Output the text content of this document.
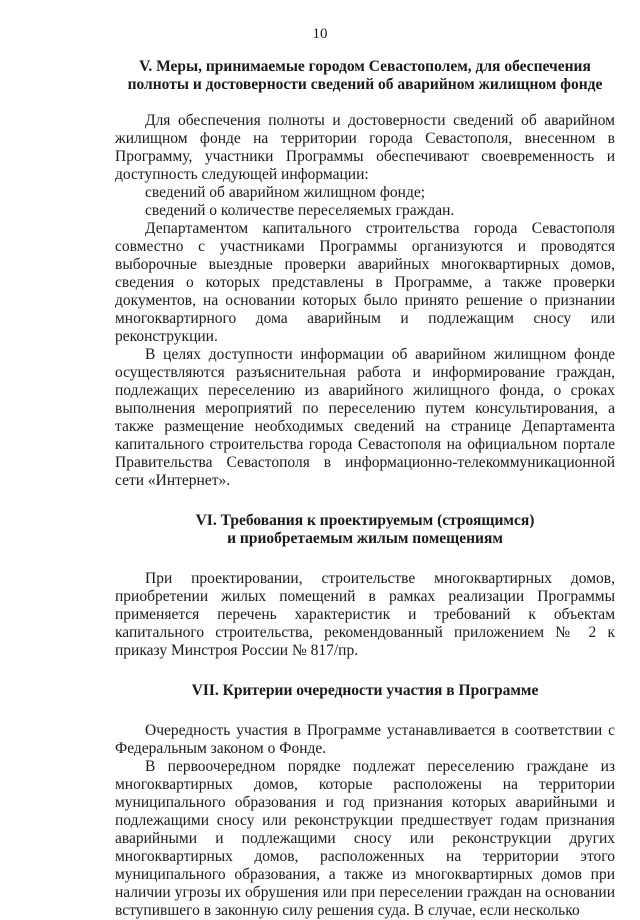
10
V. Меры, принимаемые городом Севастополем, для обеспечения
полноты и достоверности сведений об аварийном жилищном фонде

Для обеспечения полноты и достоверности сведений об аварийном жилищном фонде на территории города Севастополя, внесенном в Программу, участники Программы обеспечивают своевременность и доступность следующей информации:

сведений об аварийном жилищном фонде;

сведений о количестве переселяемых граждан.

Департаментом капитального строительства города Севастополя совместно с участниками Программы организуются и проводятся выборочные выездные проверки аварийных многоквартирных домов, сведения о которых представлены в Программе, а также проверки документов, на основании которых было принято решение о признании многоквартирного дома аварийным и подлежащим сносу или реконструкции.

В целях доступности информации об аварийном жилищном фонде осуществляются разъяснительная работа и информирование граждан, подлежащих переселению из аварийного жилищного фонда, о сроках выполнения мероприятий по переселению путем консультирования, а также размещение необходимых сведений на странице Департамента капитального строительства города Севастополя на официальном портале Правительства Севастополя в информационно-телекоммуникационной сети «Интернет».

VI. Требования к проектируемым (строящимся)
и приобретаемым жилым помещениям

При проектировании, строительстве многоквартирных домов, приобретении жилых помещений в рамках реализации Программы применяется перечень характеристик и требований к объектам капитального строительства, рекомендованный приложением № 2 к приказу Минстроя России № 817/пр.

VII. Критерии очередности участия в Программе

Очередность участия в Программе устанавливается в соответствии с Федеральным законом о Фонде.

В первоочередном порядке подлежат переселению граждане из многоквартирных домов, которые расположены на территории муниципального образования и год признания которых аварийными и подлежащими сносу или реконструкции предшествует годам признания аварийными и подлежащими сносу или реконструкции других многоквартирных домов, расположенных на территории этого муниципального образования, а также из многоквартирных домов при наличии угрозы их обрушения или при переселении граждан на основании вступившего в законную силу решения суда. В случае, если несколько
